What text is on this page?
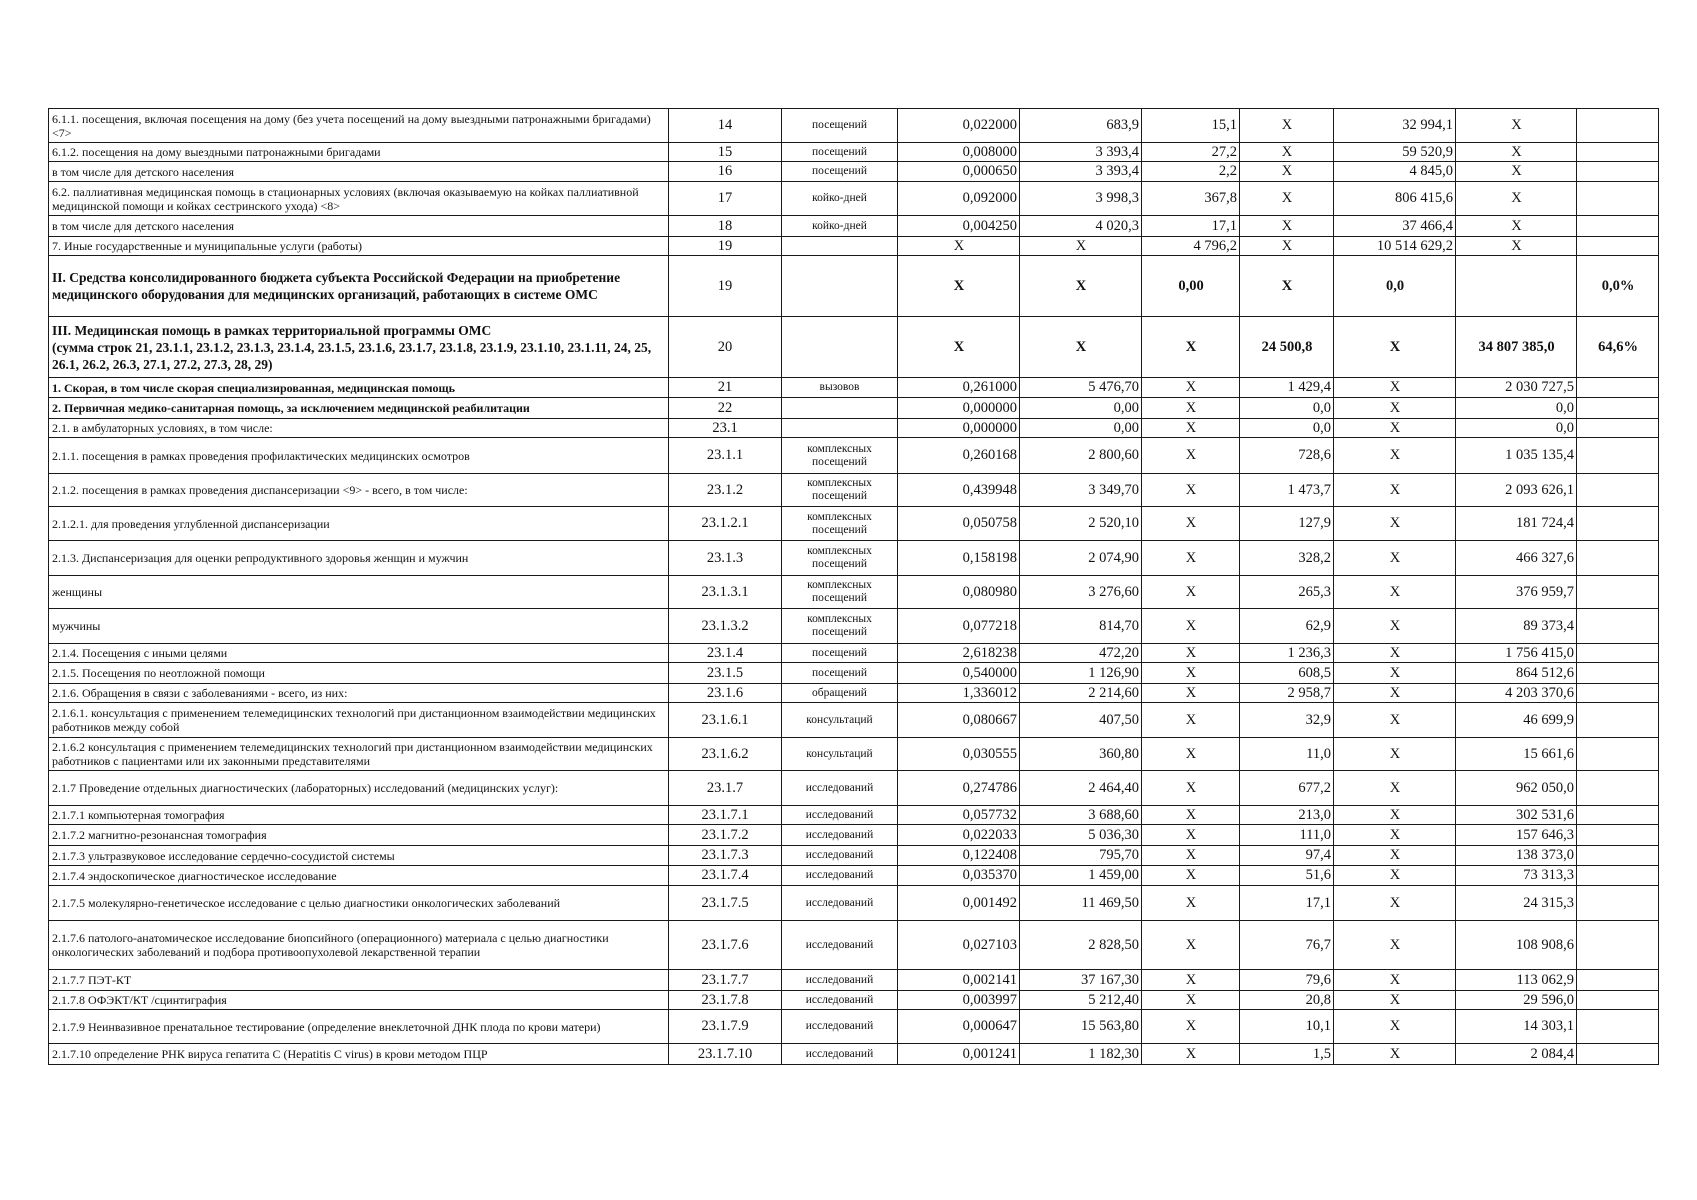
6.1.1. посещения, включая посещения на дому (без учета посещений на дому выездными патронажными бригадами) <7>	14	посещений	0,022000	683,9	15,1	X	32 994,1	X	

6.1.2. посещения на дому выездными патронажными бригадами	15	посещений	0,008000	3 393,4	27,2	X	59 520,9	X	

в том числе для детского населения	16	посещений	0,000650	3 393,4	2,2	X	4 845,0	X	

6.2. паллиативная медицинская помощь в стационарных условиях (включая оказываемую на койках паллиативной медицинской помощи и койках сестринского ухода) <8>	17	койко-дней	0,092000	3 998,3	367,8	X	806 415,6	X	

в том числе для детского населения	18	койко-дней	0,004250	4 020,3	17,1	X	37 466,4	X	

7. Иные государственные и муниципальные услуги (работы)	19		X	X	4 796,2	X	10 514 629,2	X	

II. Средства консолидированного бюджета субъекта Российской Федерации на приобретение медицинского оборудования для медицинских организаций, работающих в системе ОМС	19		X	X	0,00	X	0,0		0,0%

III. Медицинская помощь в рамках территориальной программы ОМС
(сумма строк 21, 23.1.1, 23.1.2, 23.1.3, 23.1.4, 23.1.5, 23.1.6, 23.1.7, 23.1.8, 23.1.9, 23.1.10, 23.1.11, 24, 25, 26.1, 26.2, 26.3, 27.1, 27.2, 27.3, 28, 29)	20		X	X	X	24 500,8	X	34 807 385,0	64,6%

1. Скорая, в том числе скорая специализированная, медицинская помощь	21	вызовов	0,261000	5 476,70	X	1 429,4	X	2 030 727,5	

2. Первичная медико-санитарная помощь, за исключением медицинской реабилитации	22		0,000000	0,00	X	0,0	X	0,0	

2.1. в амбулаторных условиях, в том числе:	23.1		0,000000	0,00	X	0,0	X	0,0	

2.1.1. посещения в рамках проведения профилактических медицинских осмотров	23.1.1	комплексных посещений	0,260168	2 800,60	X	728,6	X	1 035 135,4	

2.1.2. посещения в рамках проведения диспансеризации <9> - всего, в том числе:	23.1.2	комплексных посещений	0,439948	3 349,70	X	1 473,7	X	2 093 626,1	

2.1.2.1. для проведения углубленной диспансеризации	23.1.2.1	комплексных посещений	0,050758	2 520,10	X	127,9	X	181 724,4	

2.1.3. Диспансеризация для оценки репродуктивного здоровья женщин и мужчин	23.1.3	комплексных посещений	0,158198	2 074,90	X	328,2	X	466 327,6	

женщины	23.1.3.1	комплексных посещений	0,080980	3 276,60	X	265,3	X	376 959,7	

мужчины	23.1.3.2	комплексных посещений	0,077218	814,70	X	62,9	X	89 373,4	

2.1.4. Посещения с иными целями	23.1.4	посещений	2,618238	472,20	X	1 236,3	X	1 756 415,0	

2.1.5. Посещения по неотложной помощи	23.1.5	посещений	0,540000	1 126,90	X	608,5	X	864 512,6	

2.1.6. Обращения в связи с заболеваниями - всего, из них:	23.1.6	обращений	1,336012	2 214,60	X	2 958,7	X	4 203 370,6	

2.1.6.1. консультация с применением телемедицинских технологий при дистанционном взаимодействии медицинских работников между собой	23.1.6.1	консультаций	0,080667	407,50	X	32,9	X	46 699,9	

2.1.6.2 консультация с применением телемедицинских технологий при дистанционном взаимодействии медицинских работников с пациентами или их законными представителями	23.1.6.2	консультаций	0,030555	360,80	X	11,0	X	15 661,6	

2.1.7 Проведение отдельных диагностических (лабораторных) исследований (медицинских услуг):	23.1.7	исследований	0,274786	2 464,40	X	677,2	X	962 050,0	

2.1.7.1 компьютерная томография	23.1.7.1	исследований	0,057732	3 688,60	X	213,0	X	302 531,6	

2.1.7.2 магнитно-резонансная томография	23.1.7.2	исследований	0,022033	5 036,30	X	111,0	X	157 646,3	

2.1.7.3 ультразвуковое исследование сердечно-сосудистой системы	23.1.7.3	исследований	0,122408	795,70	X	97,4	X	138 373,0	

2.1.7.4 эндоскопическое диагностическое исследование	23.1.7.4	исследований	0,035370	1 459,00	X	51,6	X	73 313,3	

2.1.7.5 молекулярно-генетическое исследование с целью диагностики онкологических заболеваний	23.1.7.5	исследований	0,001492	11 469,50	X	17,1	X	24 315,3	

2.1.7.6 патолого-анатомическое исследование биопсийного (операционного) материала с целью диагностики онкологических заболеваний и подбора противоопухолевой лекарственной терапии	23.1.7.6	исследований	0,027103	2 828,50	X	76,7	X	108 908,6	

2.1.7.7 ПЭТ-КТ	23.1.7.7	исследований	0,002141	37 167,30	X	79,6	X	113 062,9	

2.1.7.8 ОФЭКТ/КТ /сцинтиграфия	23.1.7.8	исследований	0,003997	5 212,40	X	20,8	X	29 596,0	

2.1.7.9 Неинвазивное пренатальное тестирование (определение внеклеточной ДНК плода по крови матери)	23.1.7.9	исследований	0,000647	15 563,80	X	10,1	X	14 303,1	

2.1.7.10 определение РНК вируса гепатита C (Hepatitis C virus) в крови методом ПЦР	23.1.7.10	исследований	0,001241	1 182,30	X	1,5	X	2 084,4	
